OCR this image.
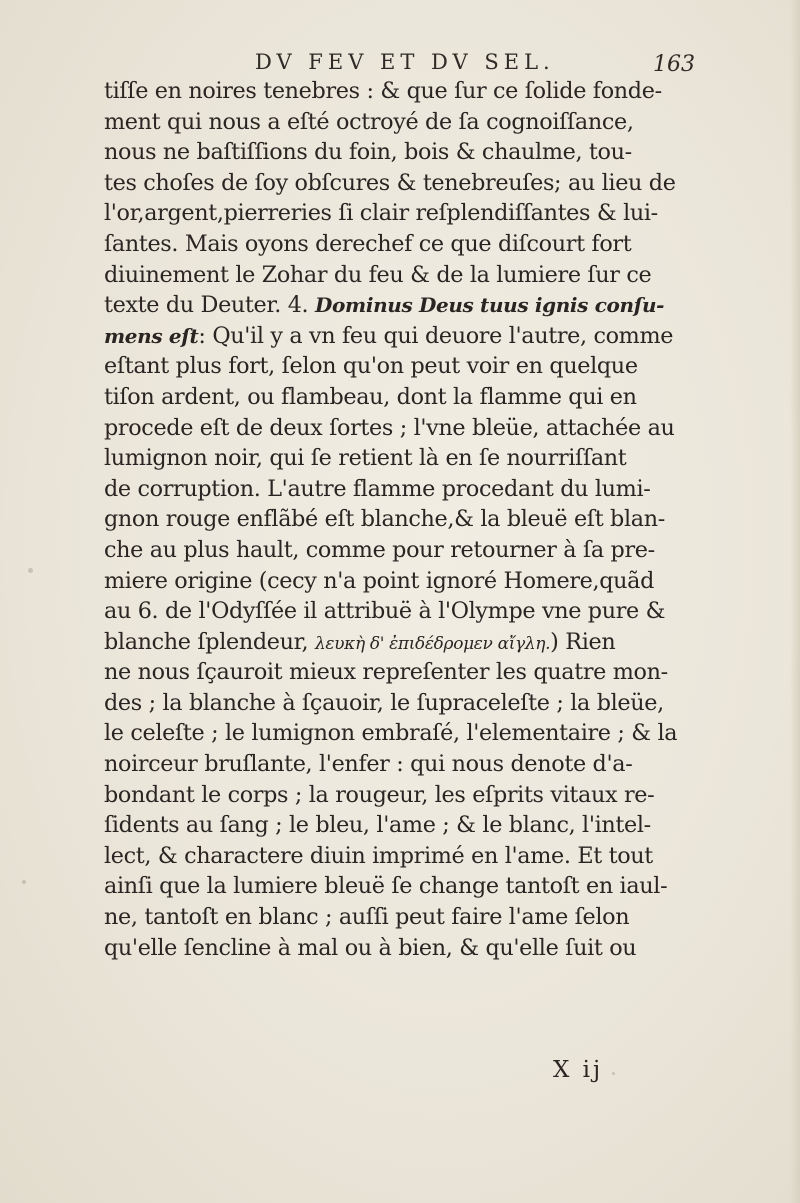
DV FEV ET DV SEL.	163
tiſſe en noires tenebres : & que ſur ce ſolide fonde-
ment qui nous a eſté octroyé de ſa cognoiſſance,
nous ne baſtiſſions du foin, bois & chaulme, tou-
tes choſes de ſoy obſcures & tenebreuſes; au lieu de
l'or,argent,pierreries ſi clair reſplendiſſantes & lui-
ſantes. Mais oyons derechef ce que diſcourt fort
diuinement le Zohar du feu & de la lumiere ſur ce
texte du Deuter. 4. Dominus Deus tuus ignis conſu-
mens eſt: Qu'il y a vn feu qui deuore l'autre, comme
eſtant plus fort, ſelon qu'on peut voir en quelque
tiſon ardent, ou flambeau, dont la flamme qui en
procede eſt de deux ſortes ; l'vne bleüe, attachée au
lumignon noir, qui ſe retient là en ſe nourriſſant
de corruption. L'autre flamme procedant du lumi-
gnon rouge enflãbé eſt blanche,& la bleuë eſt blan-
che au plus hault, comme pour retourner à ſa pre-
miere origine (cecy n'a point ignoré Homere,quãd
au 6. de l'Odyſſée il attribuë à l'Olympe vne pure &
blanche ſplendeur, λευκὴ δ' ἐπιδέδρομεν αἴγλη.) Rien
ne nous ſçauroit mieux repreſenter les quatre mon-
des ; la blanche à ſçauoir, le ſupraceleſte ; la bleüe,
le celeſte ; le lumignon embraſé, l'elementaire ; & la
noirceur bruſlante, l'enfer : qui nous denote d'a-
bondant le corps ; la rougeur, les eſprits vitaux re-
ſidents au ſang ; le bleu, l'ame ; & le blanc, l'intel-
lect, & charactere diuin imprimé en l'ame. Et tout
ainſi que la lumiere bleuë ſe change tantoſt en iaul-
ne, tantoſt en blanc ; auſſi peut faire l'ame ſelon
qu'elle ſencline à mal ou à bien, & qu'elle ſuit ou
X ij
